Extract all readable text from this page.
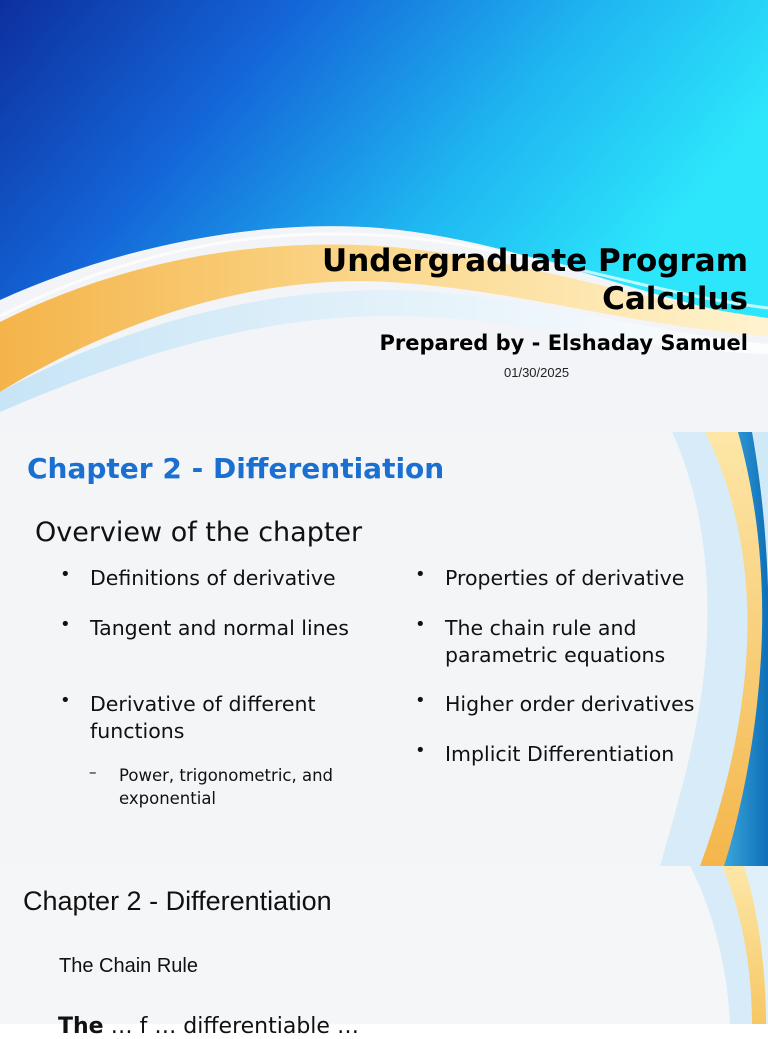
Undergraduate Program
Calculus
Prepared by - Elshaday Samuel
01/30/2025
Chapter 2 - Differentiation
Overview of the chapter
• Definitions of derivative
• Tangent and normal lines
• Derivative of different functions
– Power, trigonometric, and exponential
• Properties of derivative
• The chain rule and parametric equations
• Higher order derivatives
• Implicit Differentiation
Chapter 2 - Differentiation
The Chain Rule
The … f … differentiable …
